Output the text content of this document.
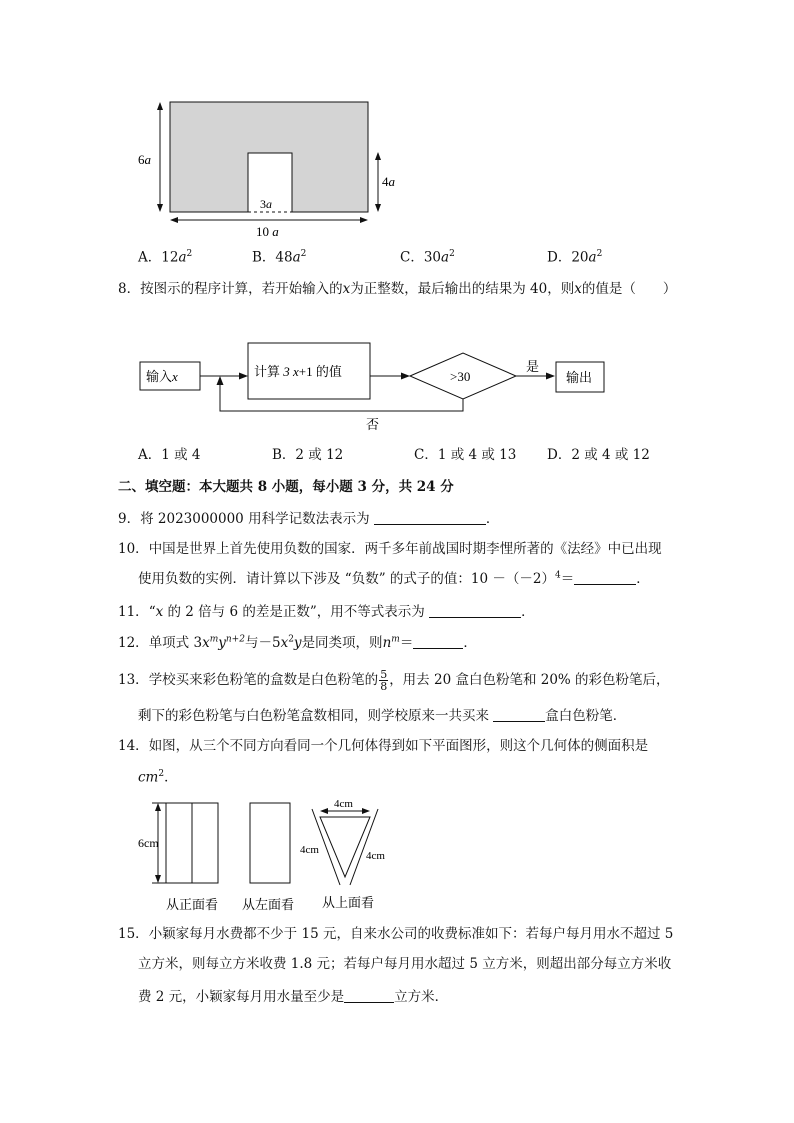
6a
4a
3a
10 a
A．$12a^2$	B．$48a^2$	C．$30a^2$	D．$20a^2$
8．按图示的程序计算，若开始输入的x为正整数，最后输出的结果为 40，则x的值是（　　）
输入x	计算 3 x+1 的值	>30
是
否
输出
A．1 或 4	B．2 或 12	C．1 或 4 或 13 D．2 或 4 或 12
二、填空题：本大题共 8 小题，每小题 3 分，共 24 分
9．将 2023000000 用科学记数法表示为	．
10．中国是世界上首先使用负数的国家．两千多年前战国时期李悝所著的《法经》中已出现
使用负数的实例．请计算以下涉及 “负数” 的式子的值：$10 -(-2)^4=$	．
11．“x 的 2 倍与 6 的差是正数”，用不等式表示为	．
12．单项式 $3x^my^{n+2}$与$-5x^2y$是同类项，则$n^m=$	．
13．学校买来彩色粉笔的盒数是白色粉笔的 $\frac{5}{8}$ ，用去 20 盒白色粉笔和 20% 的彩色粉笔后，
剩下的彩色粉笔与白色粉笔盒数相同，则学校原来一共买来	盒白色粉笔．
14．如图，从三个不同方向看同一个几何体得到如下平面图形，则这个几何体的侧面积是
$cm^2$．
6cm
4cm
4cm	4cm
从正面看 从左面看 从上面看
15．小颖家每月水费都不少于 15 元，自来水公司的收费标准如下：若每户每月用水不超过 5
立方米，则每立方米收费 1.8 元；若每户每月用水超过 5 立方米，则超出部分每立方米收
费 2 元，小颖家每月用水量至少是	立方米．
